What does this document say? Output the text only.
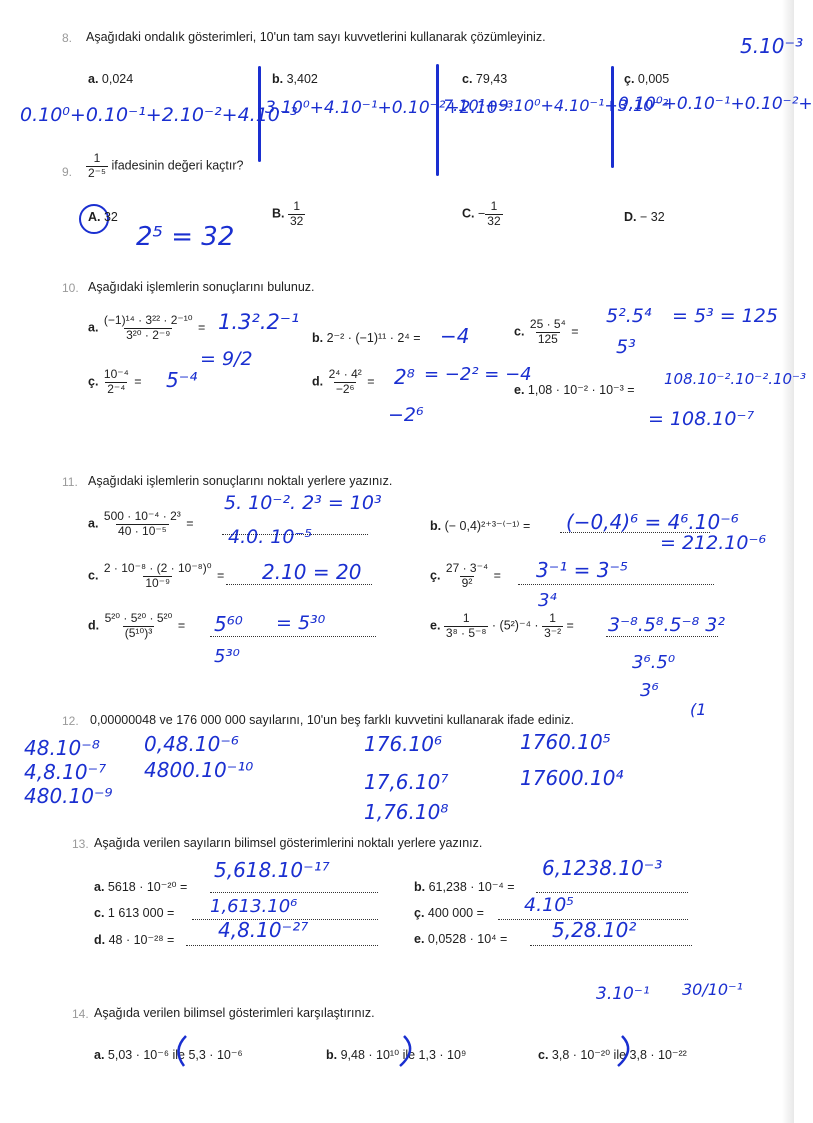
8. Aşağıdaki ondalık gösterimleri, 10'un tam sayı kuvvetlerini kullanarak çözümleyiniz.
a. 0,024	b. 3,402	c. 79,43	ç. 0,005
0.10⁰+0.10⁻¹+2.10⁻²+4.10⁻³
3.10⁰+4.10⁻¹+0.10⁻²+2.10⁻³
7.10¹+9.10⁰+4.10⁻¹+3.10⁻²
0.10⁰+0.10⁻¹+0.10⁻²+
5.10⁻³
9. $\frac{1}{\text{2⁻⁵}}$ ifadesinin değeri kaçtır?
A. 32	B. $\frac{1}{32}$	C. − $\frac{1}{32}$	D. − 32
2⁵ = 32
10. Aşağıdaki işlemlerin sonuçlarını bulunuz.
a. $\frac{\text{(−1)¹⁴ · 3²² · 2⁻¹⁰}}{\text{3²⁰ · 2⁻⁹}}$ =
b. 2⁻² · (−1)¹¹ · 2⁴ =	c. $\frac{\text{25 · 5⁴}}{125}$ =
ç. $\frac{\text{10⁻⁴}}{\text{2⁻⁴}}$ =	d. $\frac{\text{2⁴ · 4²}}{\text{−2⁶}}$ =
e. 1,08 · 10⁻² · 10⁻³ =
1.3².2⁻¹
= 9/2
−4
5².5⁴
5³
= 5³ = 125
5⁻⁴	2⁸
−2⁶
= −2² = −4	108.10⁻².10⁻².10⁻³
= 108.10⁻⁷
11. Aşağıdaki işlemlerin sonuçlarını noktalı yerlere yazınız.
a. $\frac{\text{500 · 10⁻⁴ · 2³}}{\text{40 · 10⁻⁵}}$ =	b. (− 0,4)²⁺³⁻⁽⁻¹⁾ =
c. $\frac{\text{2 · 10⁻⁸ · (2 · 10⁻⁸)⁰}}{\text{10⁻⁹}}$ =	ç. $\frac{\text{27 · 3⁻⁴}}{\text{9²}}$ =
d. $\frac{\text{5²⁰ · 5²⁰ · 5²⁰}}{\text{(5¹⁰)³}}$ =	e. $\frac{1}{\text{3⁸ · 5⁻⁸}} \cdot (5^2)^{-4} \cdot \frac{1}{\text{3⁻²}}$ =
5. 10⁻². 2³ = 10³
4.0. 10⁻⁵
(−0,4)⁶ = 4⁶.10⁻⁶
= 212.10⁻⁶
2.10 = 20	3⁻¹ = 3⁻⁵
3⁴
5⁶⁰
5³⁰
= 5³⁰	3⁻⁸.5⁸.5⁻⁸ 3²
3⁶.5⁰
3⁶
(1
12. 0,00000048 ve 176 000 000 sayılarını, 10'un beş farklı kuvvetini kullanarak ifade ediniz.
48.10⁻⁸
4,8.10⁻⁷
480.10⁻⁹
0,48.10⁻⁶
4800.10⁻¹⁰
176.10⁶
17,6.10⁷
1,76.10⁸
1760.10⁵
17600.10⁴
13. Aşağıda verilen sayıların bilimsel gösterimlerini noktalı yerlere yazınız.
a. 5618 · 10⁻²⁰ =	b. 61,238 · 10⁻⁴ =
c. 1 613 000 =	ç. 400 000 =
d. 48 · 10⁻²⁸ =	e. 0,0528 · 10⁴ =
5,618.10⁻¹⁷	6,1238.10⁻³
1,613.10⁶	4.10⁵
4,8.10⁻²⁷	5,28.10²
14. Aşağıda verilen bilimsel gösterimleri karşılaştırınız.
a. 5,03 · 10⁻⁶ ile 5,3 · 10⁻⁶	b. 9,48 · 10¹⁰ ile 1,3 · 10⁹	c. 3,8 · 10⁻²⁰ ile 3,8 · 10⁻²²
3.10⁻¹ 30/10⁻¹
